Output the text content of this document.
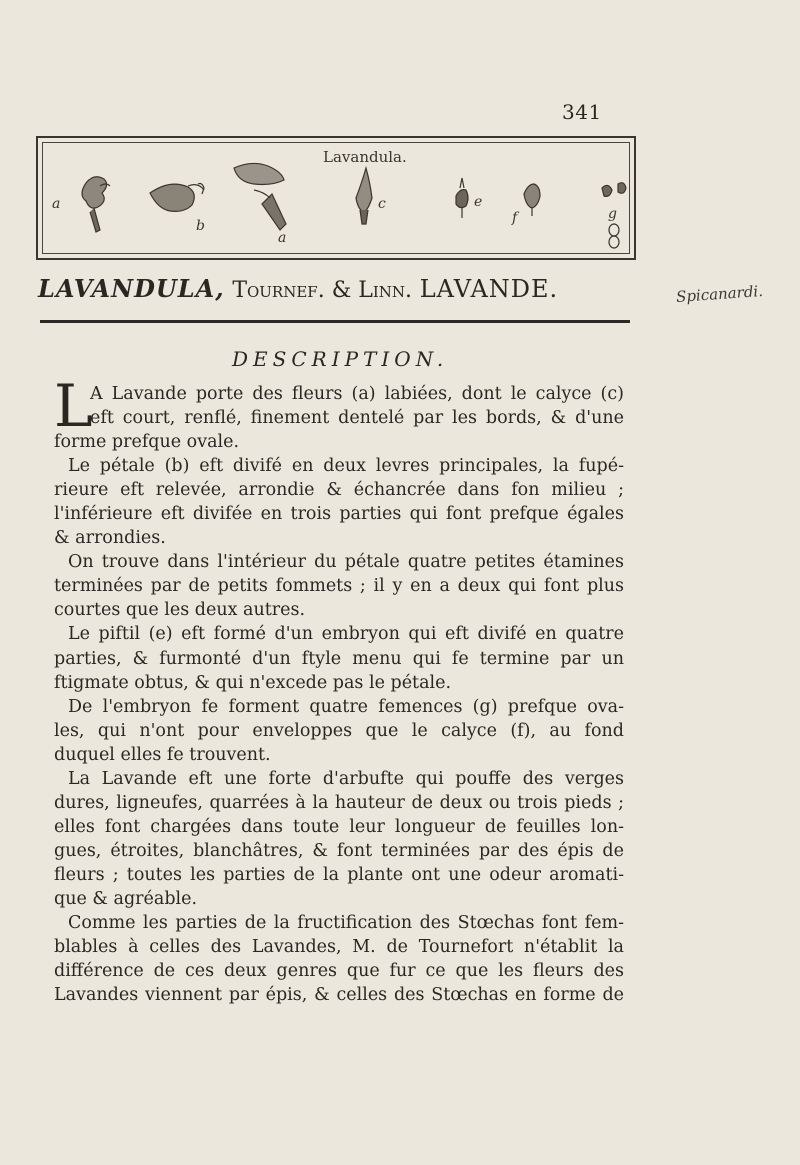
341
Lavandula.
a
b
a
c	e
f	g
LAVANDULA, Tournef. & Linn. LAVANDE.	Spicanardi.
DESCRIPTION.
L
A Lavande porte des fleurs (a) labiées, dont le calyce (c)
eft court, renflé, finement dentelé par les bords, & d'une
forme prefque ovale.
Le pétale (b) eft divifé en deux levres principales, la fupé-
rieure eft relevée, arrondie & échancrée dans fon milieu ;
l'inférieure eft divifée en trois parties qui font prefque égales
& arrondies.
On trouve dans l'intérieur du pétale quatre petites étamines
terminées par de petits fommets ; il y en a deux qui font plus
courtes que les deux autres.
Le piftil (e) eft formé d'un embryon qui eft divifé en quatre
parties, & furmonté d'un ftyle menu qui fe termine par un
ftigmate obtus, & qui n'excede pas le pétale.
De l'embryon fe forment quatre femences (g) prefque ova-
les, qui n'ont pour enveloppes que le calyce (f), au fond
duquel elles fe trouvent.
La Lavande eft une forte d'arbufte qui pouffe des verges
dures, ligneufes, quarrées à la hauteur de deux ou trois pieds ;
elles font chargées dans toute leur longueur de feuilles lon-
gues, étroites, blanchâtres, & font terminées par des épis de
fleurs ; toutes les parties de la plante ont une odeur aromati-
que & agréable.
Comme les parties de la fructification des Stœchas font fem-
blables à celles des Lavandes, M. de Tournefort n'établit la
différence de ces deux genres que fur ce que les fleurs des
Lavandes viennent par épis, & celles des Stœchas en forme de
